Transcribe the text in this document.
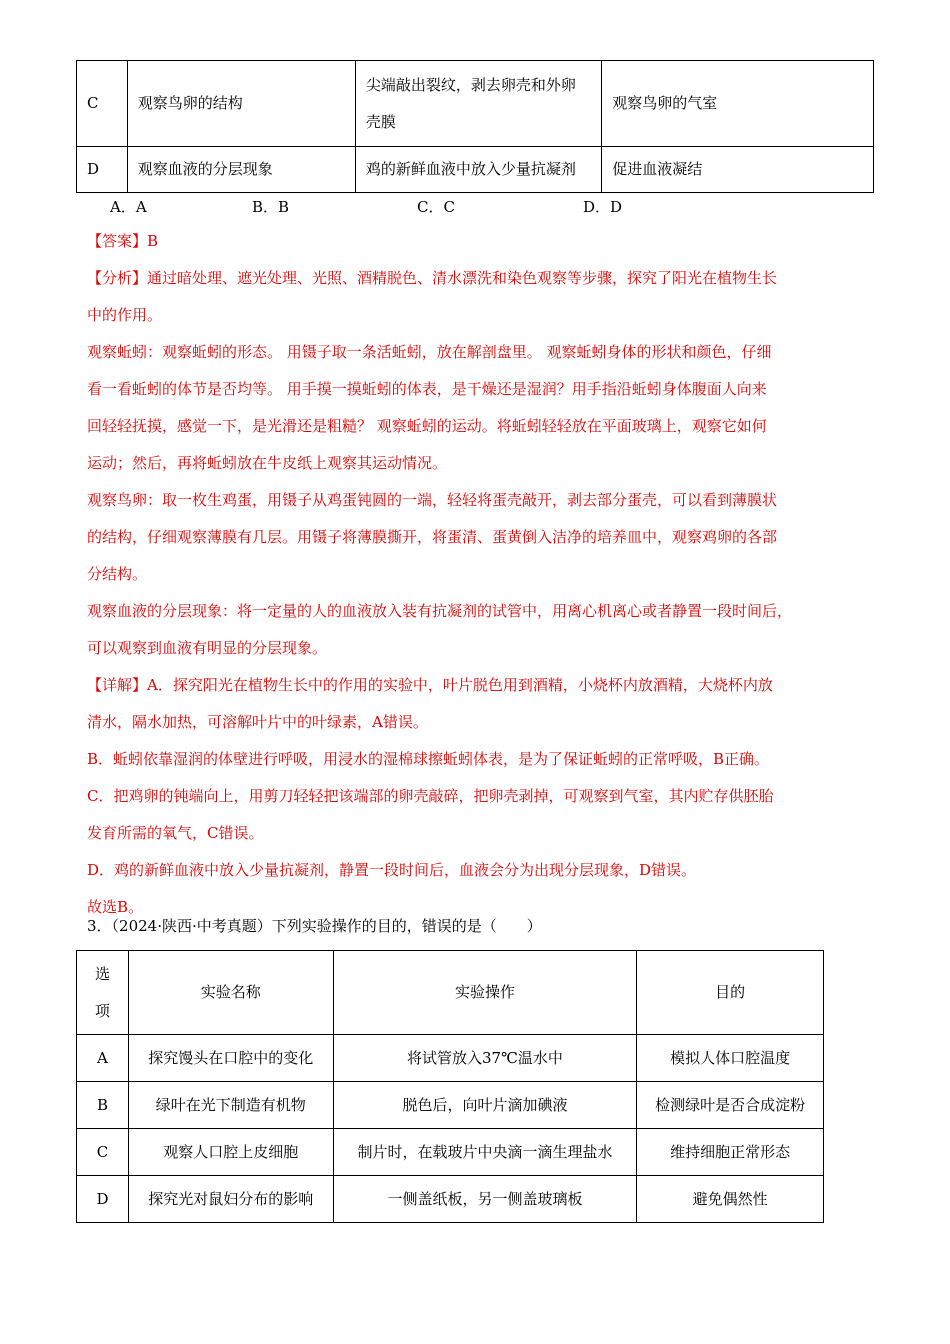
C	观察鸟卵的结构	尖端敲出裂纹，剥去卵壳和外卵
壳膜	观察鸟卵的气室
D	观察血液的分层现象	鸡的新鲜血液中放入少量抗凝剂	促进血液凝结
A．A	B．B	C．C	D．D
【答案】B
【分析】通过暗处理、遮光处理、光照、酒精脱色、清水漂洗和染色观察等步骤，探究了阳光在植物生长
中的作用。
观察蚯蚓：观察蚯蚓的形态。 用镊子取一条活蚯蚓，放在解剖盘里。 观察蚯蚓身体的形状和颜色，仔细
看一看蚯蚓的体节是否均等。 用手摸一摸蚯蚓的体表，是干燥还是湿润？用手指沿蚯蚓身体腹面人向来
回轻轻抚摸，感觉一下，是光滑还是粗糙？ 观察蚯蚓的运动。将蚯蚓轻轻放在平面玻璃上，观察它如何
运动；然后，再将蚯蚓放在牛皮纸上观察其运动情况。
观察鸟卵：取一枚生鸡蛋，用镊子从鸡蛋钝圆的一端，轻轻将蛋壳敲开，剥去部分蛋壳，可以看到薄膜状
的结构，仔细观察薄膜有几层。用镊子将薄膜撕开，将蛋清、蛋黄倒入洁净的培养皿中，观察鸡卵的各部
分结构。
观察血液的分层现象：将一定量的人的血液放入装有抗凝剂的试管中，用离心机离心或者静置一段时间后，
可以观察到血液有明显的分层现象。
【详解】A．探究阳光在植物生长中的作用的实验中，叶片脱色用到酒精，小烧杯内放酒精，大烧杯内放
清水，隔水加热，可溶解叶片中的叶绿素，A错误。
B．蚯蚓依靠湿润的体壁进行呼吸，用浸水的湿棉球擦蚯蚓体表，是为了保证蚯蚓的正常呼吸，B正确。
C．把鸡卵的钝端向上，用剪刀轻轻把该端部的卵壳敲碎，把卵壳剥掉，可观察到气室，其内贮存供胚胎
发育所需的氧气，C错误。
D．鸡的新鲜血液中放入少量抗凝剂，静置一段时间后，血液会分为出现分层现象，D错误。
故选B。
3．（2024·陕西·中考真题）下列实验操作的目的，错误的是（　　）
选
项	实验名称	实验操作	目的
A	探究馒头在口腔中的变化	将试管放入37℃温水中	模拟人体口腔温度
B	绿叶在光下制造有机物	脱色后，向叶片滴加碘液	检测绿叶是否合成淀粉
C	观察人口腔上皮细胞	制片时，在载玻片中央滴一滴生理盐水	维持细胞正常形态
D	探究光对鼠妇分布的影响	一侧盖纸板，另一侧盖玻璃板	避免偶然性
